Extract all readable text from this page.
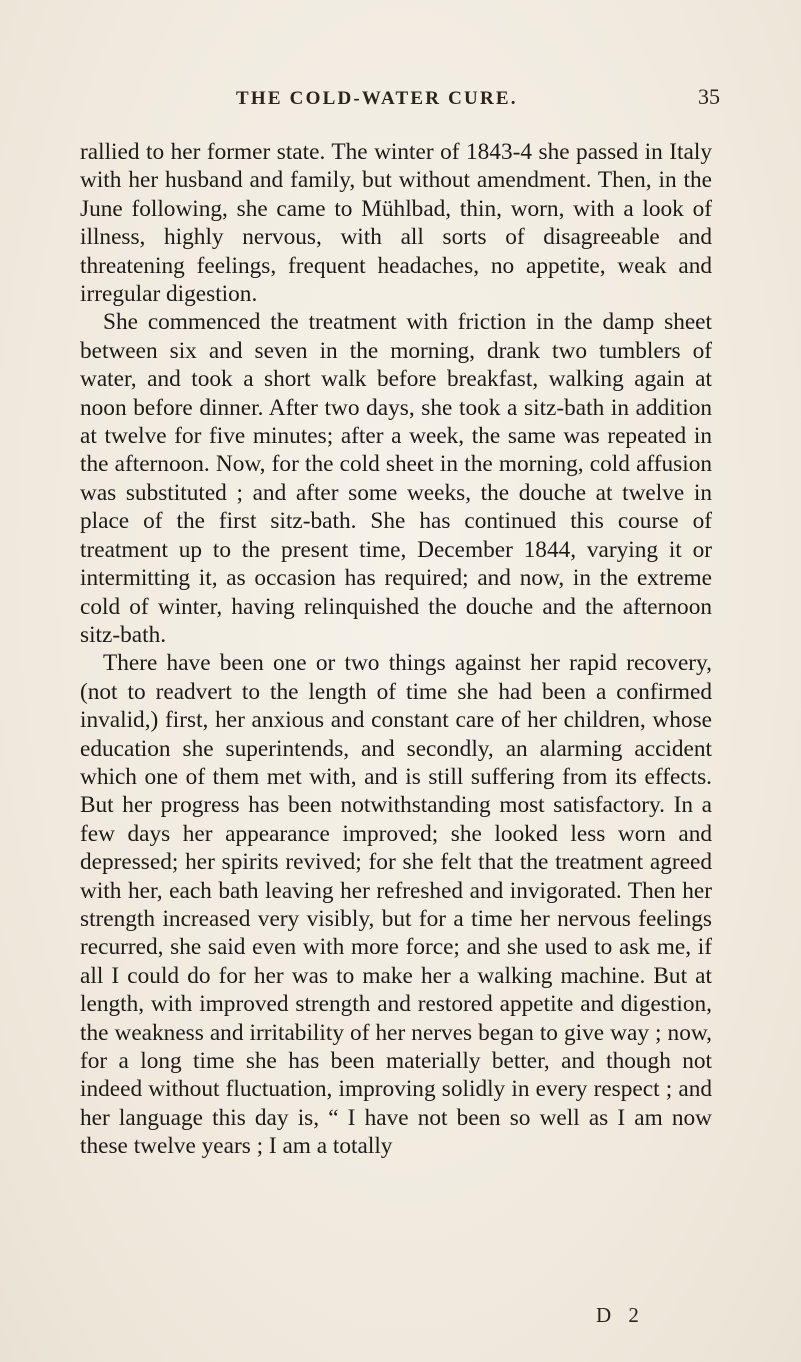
THE COLD-WATER CURE.	35

rallied to her former state. The winter of 1843-4 she passed in Italy with her husband and family, but without amendment. Then, in the June following, she came to Mühlbad, thin, worn, with a look of illness, highly nervous, with all sorts of disagreeable and threatening feelings, frequent headaches, no appetite, weak and irregular digestion.

She commenced the treatment with friction in the damp sheet between six and seven in the morning, drank two tumblers of water, and took a short walk before breakfast, walking again at noon before dinner. After two days, she took a sitz-bath in addition at twelve for five minutes; after a week, the same was repeated in the afternoon. Now, for the cold sheet in the morning, cold affusion was substituted ; and after some weeks, the douche at twelve in place of the first sitz-bath. She has continued this course of treatment up to the present time, December 1844, varying it or intermitting it, as occasion has required; and now, in the extreme cold of winter, having relinquished the douche and the afternoon sitz-bath.

There have been one or two things against her rapid recovery, (not to readvert to the length of time she had been a confirmed invalid,) first, her anxious and constant care of her children, whose education she superintends, and secondly, an alarming accident which one of them met with, and is still suffering from its effects. But her progress has been notwithstanding most satisfactory. In a few days her appearance improved; she looked less worn and depressed; her spirits revived; for she felt that the treatment agreed with her, each bath leaving her refreshed and invigorated. Then her strength increased very visibly, but for a time her nervous feelings recurred, she said even with more force; and she used to ask me, if all I could do for her was to make her a walking machine. But at length, with improved strength and restored appetite and digestion, the weakness and irritability of her nerves began to give way ; now, for a long time she has been materially better, and though not indeed without fluctuation, improving solidly in every respect ; and her language this day is, “ I have not been so well as I am now these twelve years ; I am a totally

D 2
